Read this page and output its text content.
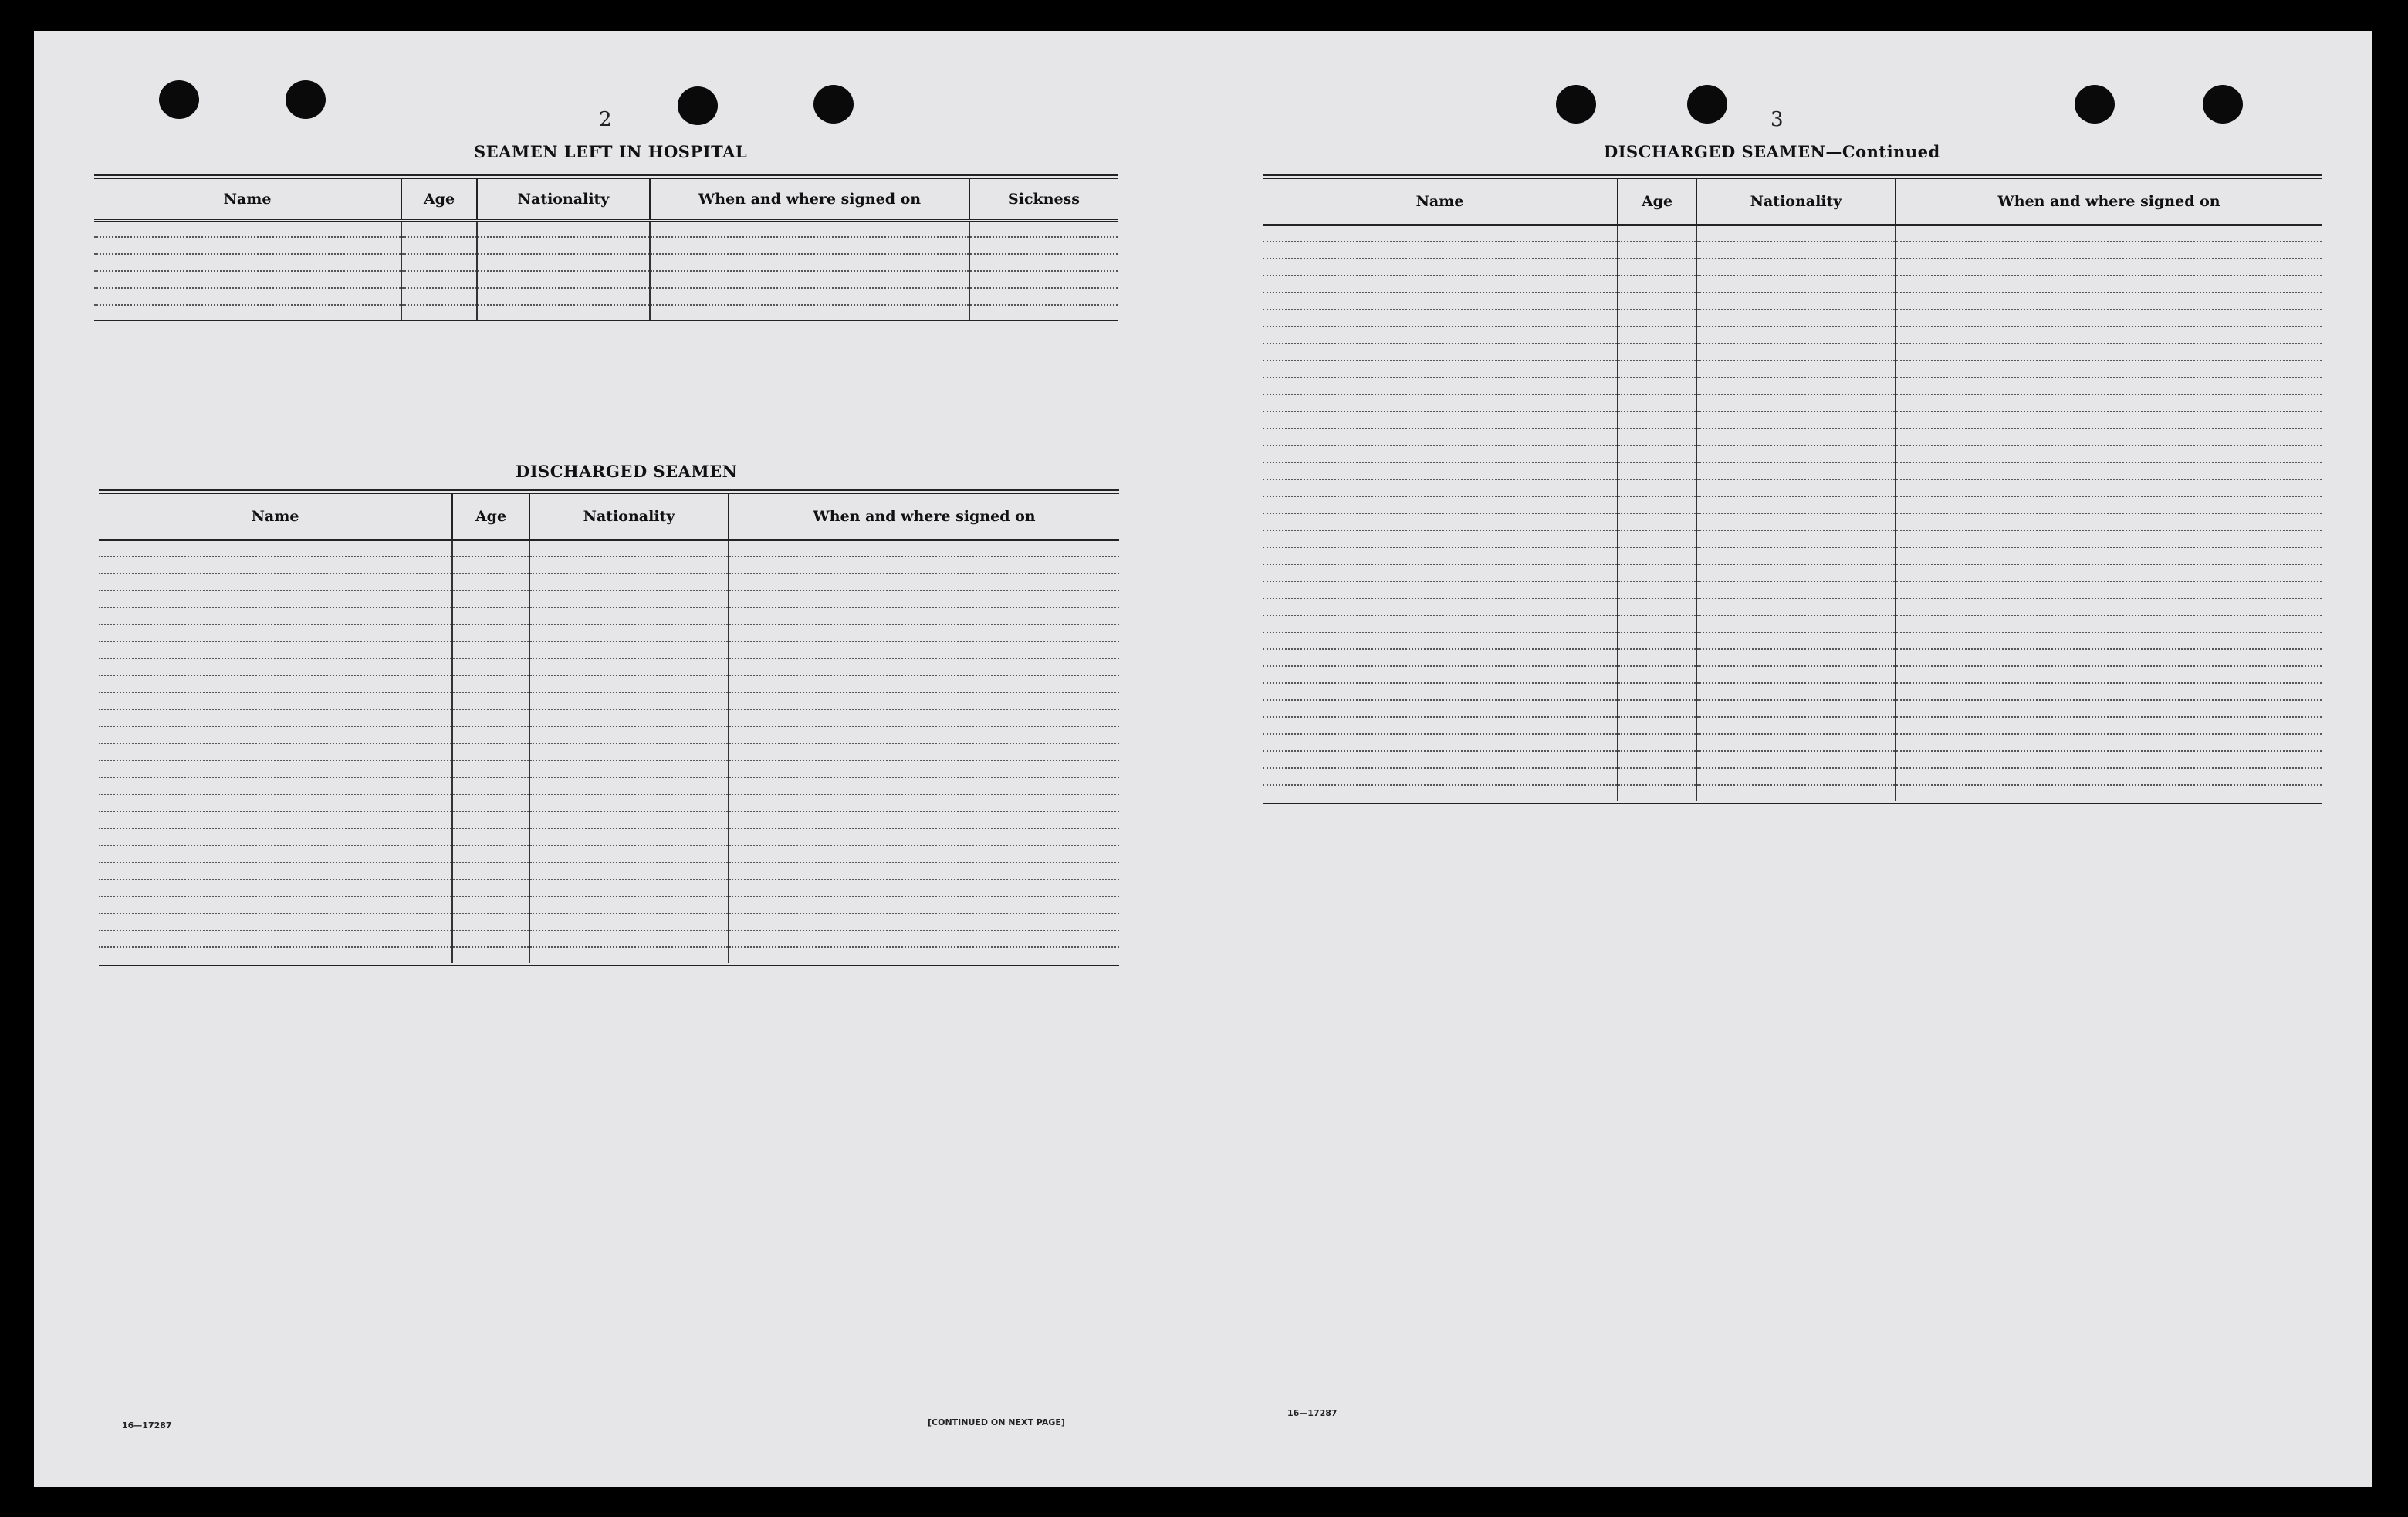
2
SEAMEN LEFT IN HOSPITAL
Name	Age	Nationality	When and where signed on	Sickness

DISCHARGED SEAMEN
Name	Age	Nationality	When and where signed on

16—17287	[CONTINUED ON NEXT PAGE]
3
DISCHARGED SEAMEN—Continued
Name	Age	Nationality	When and where signed on

16—17287
